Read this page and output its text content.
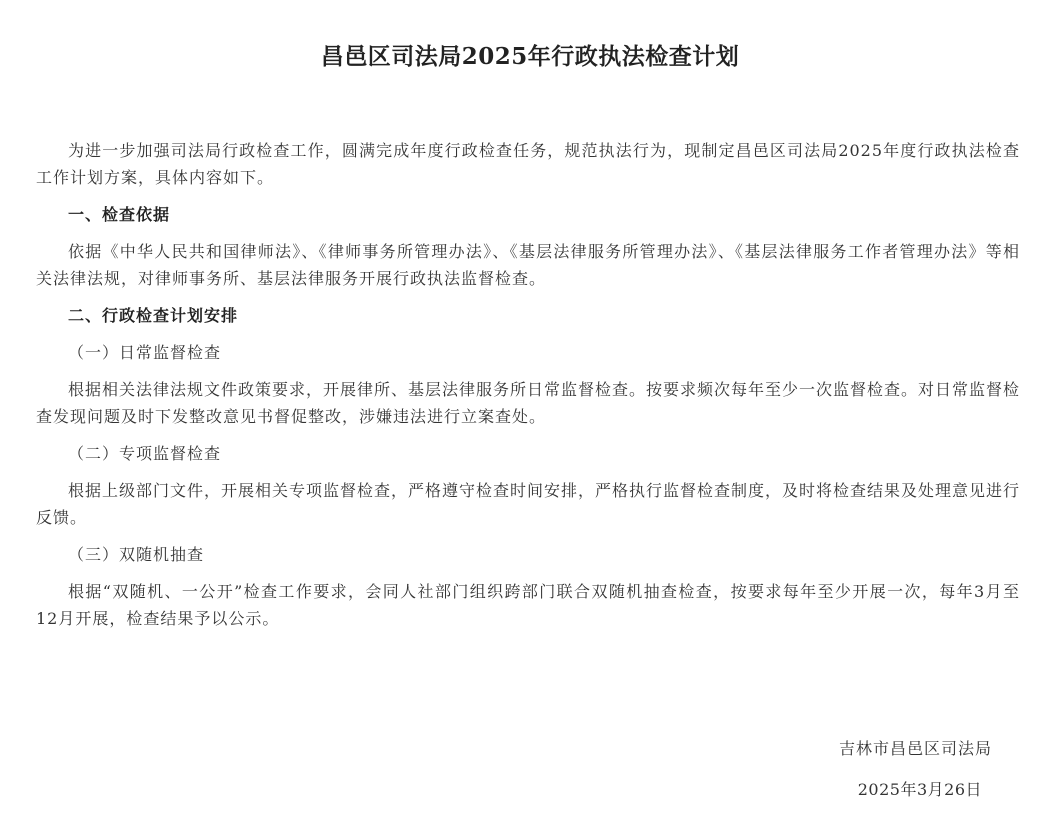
昌邑区司法局2025年行政执法检查计划

为进一步加强司法局行政检查工作，圆满完成年度行政检查任务，规范执法行为，现制定昌邑区司法局2025年度行政执法检查工作计划方案，具体内容如下。

一、检查依据

依据《中华人民共和国律师法》、《律师事务所管理办法》、《基层法律服务所管理办法》、《基层法律服务工作者管理办法》等相关法律法规，对律师事务所、基层法律服务开展行政执法监督检查。

二、行政检查计划安排

（一）日常监督检查

根据相关法律法规文件政策要求，开展律所、基层法律服务所日常监督检查。按要求频次每年至少一次监督检查。对日常监督检查发现问题及时下发整改意见书督促整改，涉嫌违法进行立案查处。

（二）专项监督检查

根据上级部门文件，开展相关专项监督检查，严格遵守检查时间安排，严格执行监督检查制度，及时将检查结果及处理意见进行反馈。

（三）双随机抽查

根据“双随机、一公开”检查工作要求，会同人社部门组织跨部门联合双随机抽查检查，按要求每年至少开展一次，每年3月至12月开展，检查结果予以公示。

吉林市昌邑区司法局
2025年3月26日
